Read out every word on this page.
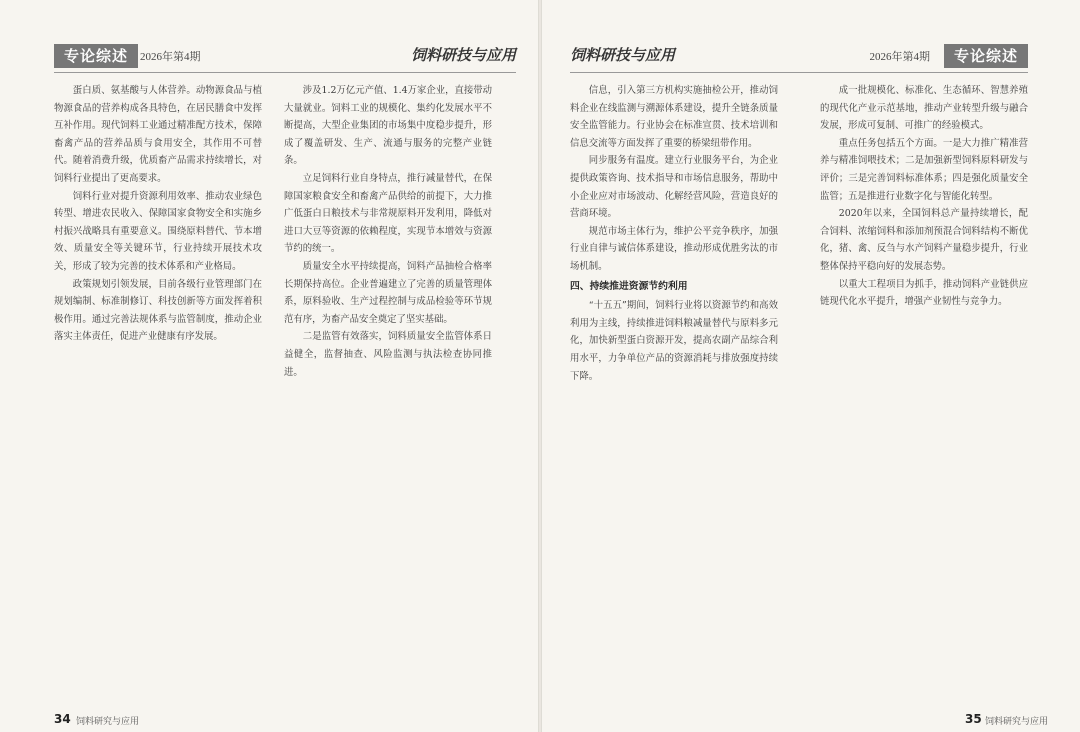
专论综述	2026年第4期	饲料研技与应用

蛋白质、氨基酸与人体营养。动物源食品与植物源食品的营养构成各具特色，在居民膳食中发挥互补作用。现代饲料工业通过精准配方技术，保障畜禽产品的营养品质与食用安全，其作用不可替代。随着消费升级，优质畜产品需求持续增长，对饲料行业提出了更高要求。

饲料行业对提升资源利用效率、推动农业绿色转型、增进农民收入、保障国家食物安全和实施乡村振兴战略具有重要意义。围绕原料替代、节本增效、质量安全等关键环节，行业持续开展技术攻关，形成了较为完善的技术体系和产业格局。

政策规划引领发展，目前各级行业管理部门在规划编制、标准制修订、科技创新等方面发挥着积极作用。通过完善法规体系与监管制度，推动企业落实主体责任，促进产业健康有序发展。

涉及1.2万亿元产值、1.4万家企业，直接带动大量就业。饲料工业的规模化、集约化发展水平不断提高，大型企业集团的市场集中度稳步提升，形成了覆盖研发、生产、流通与服务的完整产业链条。

立足饲料行业自身特点，推行减量替代，在保障国家粮食安全和畜禽产品供给的前提下，大力推广低蛋白日粮技术与非常规原料开发利用，降低对进口大豆等资源的依赖程度，实现节本增效与资源节约的统一。

质量安全水平持续提高，饲料产品抽检合格率长期保持高位。企业普遍建立了完善的质量管理体系，原料验收、生产过程控制与成品检验等环节规范有序，为畜产品安全奠定了坚实基础。

二是监管有效落实，饲料质量安全监管体系日益健全，监督抽查、风险监测与执法检查协同推进。

34 饲料研究与应用
饲料研技与应用	2026年第4期	专论综述

信息，引入第三方机构实施抽检公开，推动饲料企业在线监测与溯源体系建设，提升全链条质量安全监管能力。行业协会在标准宣贯、技术培训和信息交流等方面发挥了重要的桥梁纽带作用。

同步服务有温度。建立行业服务平台，为企业提供政策咨询、技术指导和市场信息服务，帮助中小企业应对市场波动、化解经营风险，营造良好的营商环境。

规范市场主体行为，维护公平竞争秩序，加强行业自律与诚信体系建设，推动形成优胜劣汰的市场机制。

四、持续推进资源节约利用

“十五五”期间，饲料行业将以资源节约和高效利用为主线，持续推进饲料粮减量替代与原料多元化，加快新型蛋白资源开发，提高农副产品综合利用水平，力争单位产品的资源消耗与排放强度持续下降。

成一批规模化、标准化、生态循环、智慧养殖的现代化产业示范基地，推动产业转型升级与融合发展，形成可复制、可推广的经验模式。

重点任务包括五个方面。一是大力推广精准营养与精准饲喂技术；二是加强新型饲料原料研发与评价；三是完善饲料标准体系；四是强化质量安全监管；五是推进行业数字化与智能化转型。

2020年以来，全国饲料总产量持续增长，配合饲料、浓缩饲料和添加剂预混合饲料结构不断优化，猪、禽、反刍与水产饲料产量稳步提升，行业整体保持平稳向好的发展态势。

以重大工程项目为抓手，推动饲料产业链供应链现代化水平提升，增强产业韧性与竞争力。

35 饲料研究与应用
